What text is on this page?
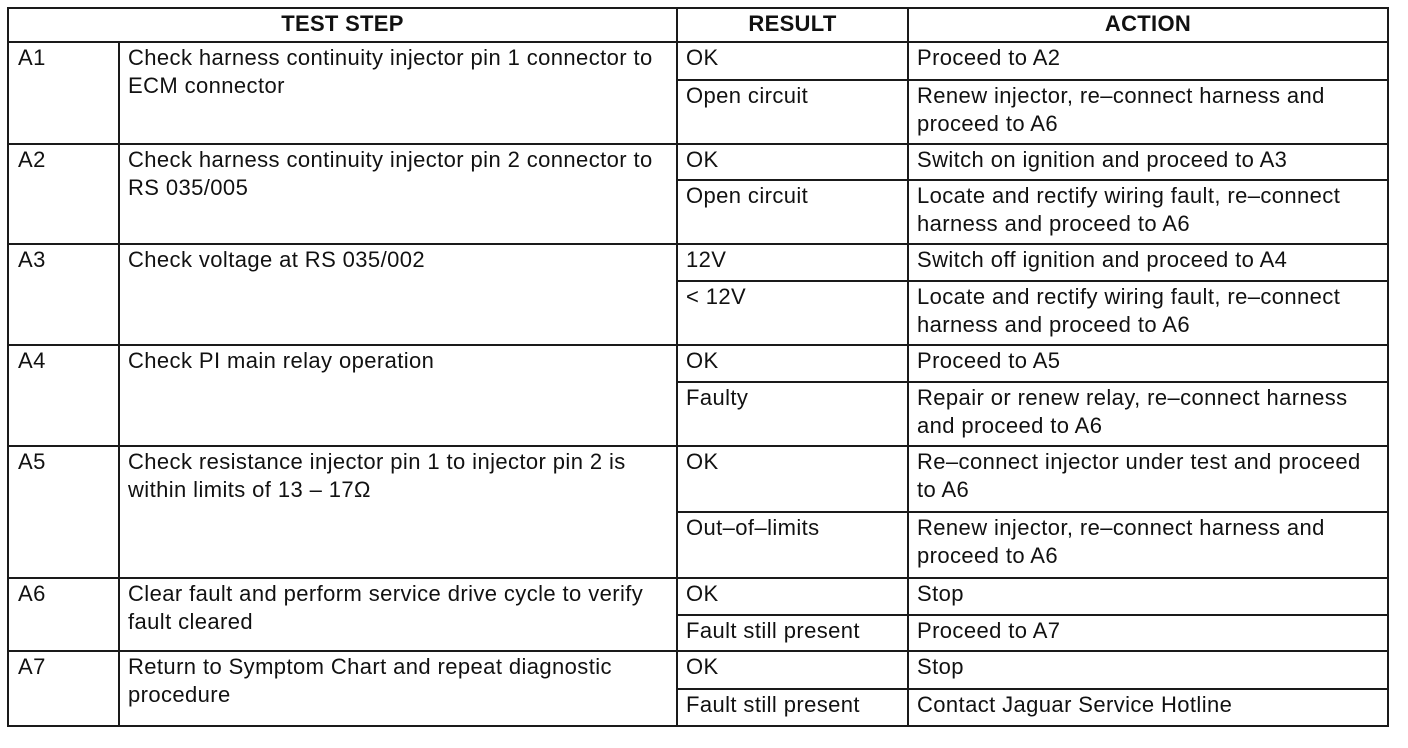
TEST STEP		RESULT	ACTION
A1	Check harness continuity injector pin 1 connector to ECM connector	OK	Proceed to A2
		Open circuit	Renew injector, re–connect harness and proceed to A6
A2	Check harness continuity injector pin 2 connector to RS 035/005	OK	Switch on ignition and proceed to A3
		Open circuit	Locate and rectify wiring fault, re–connect harness and proceed to A6
A3	Check voltage at RS 035/002	12V	Switch off ignition and proceed to A4
		< 12V	Locate and rectify wiring fault, re–connect harness and proceed to A6
A4	Check PI main relay operation	OK	Proceed to A5
		Faulty	Repair or renew relay, re–connect harness and proceed to A6
A5	Check resistance injector pin 1 to injector pin 2 is within limits of 13 – 17Ω	OK	Re–connect injector under test and proceed to A6
		Out–of–limits	Renew injector, re–connect harness and proceed to A6
A6	Clear fault and perform service drive cycle to verify fault cleared	OK	Stop
		Fault still present	Proceed to A7
A7	Return to Symptom Chart and repeat diagnostic procedure	OK	Stop
		Fault still present	Contact Jaguar Service Hotline
